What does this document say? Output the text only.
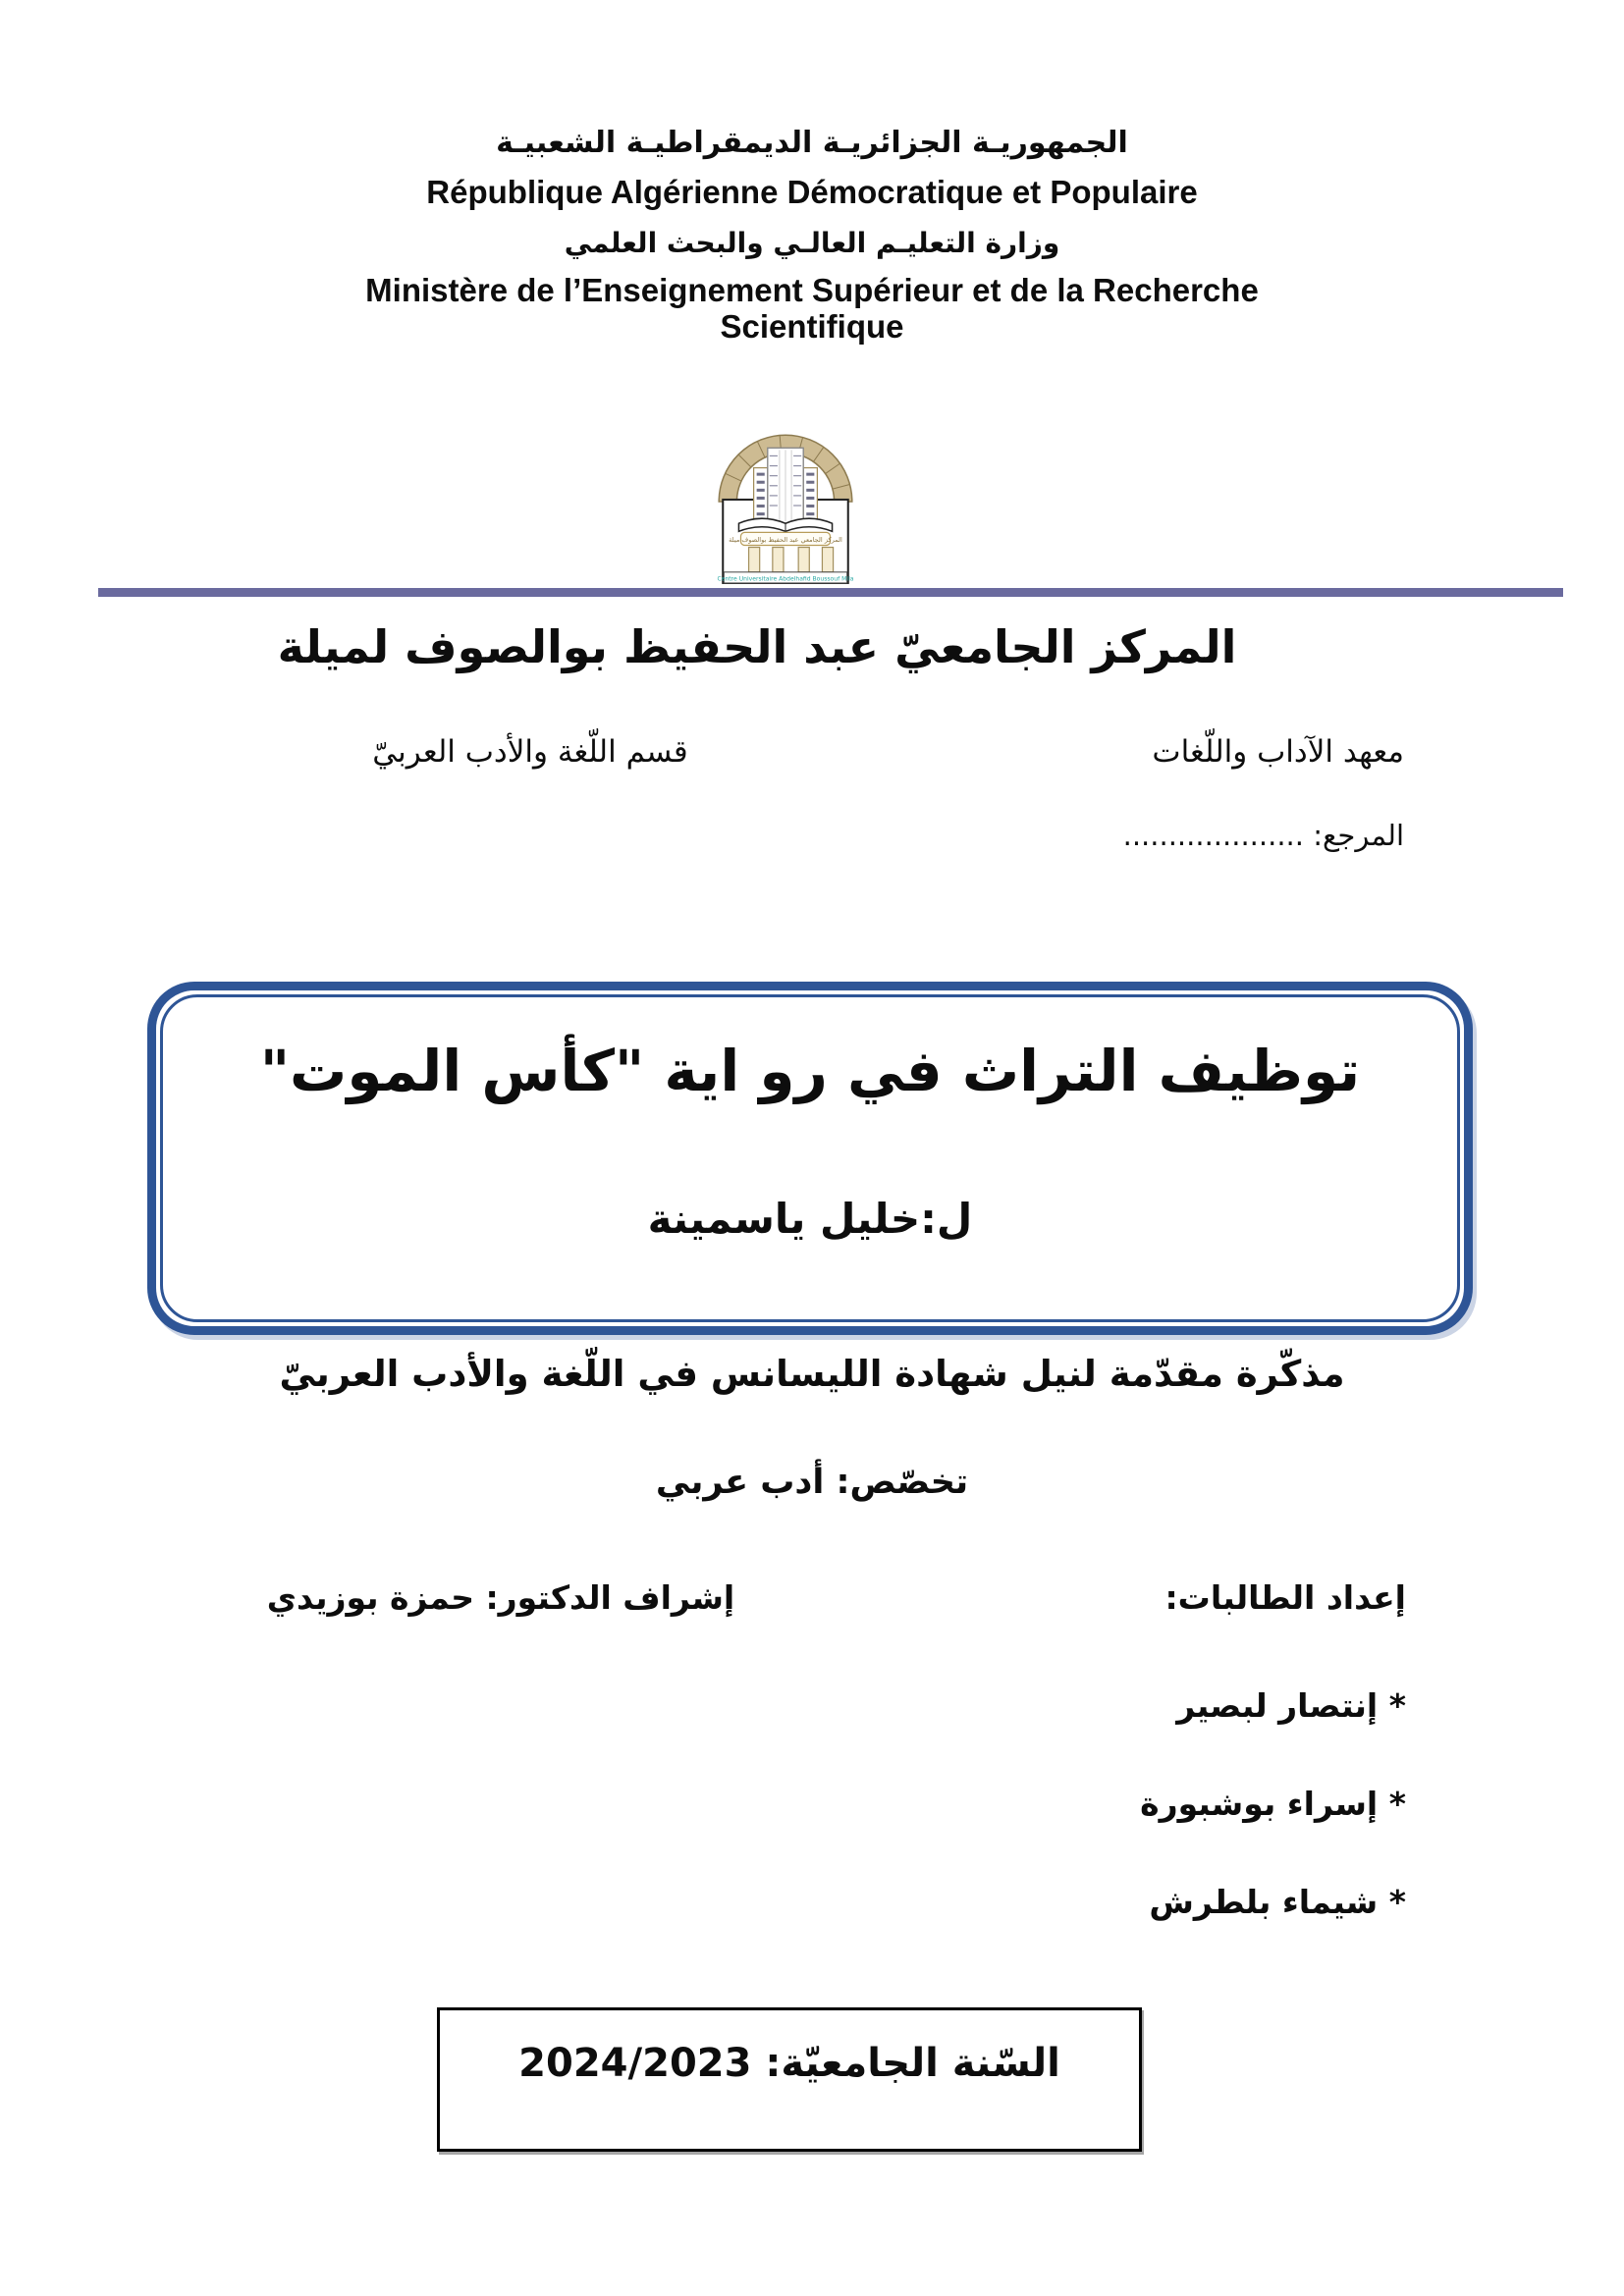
الجمهوريـة الجزائريـة الديمقراطيـة الشعبيـة
République Algérienne Démocratique et Populaire
وزارة التعليـم العالـي والبحث العلمي
Ministère de l’Enseignement Supérieur et de la Recherche Scientifique
المركز الجامعي عبد الحفيظ بوالصوف ميلة
Centre Universitaire Abdelhafid Boussouf Mila
المركز الجامعيّ عبد الحفيظ بوالصوف لميلة
معهد الآداب واللّغات
قسم اللّغة والأدب العربيّ
المرجع: ....................
توظيف التراث في رو اية "كأس الموت"
ل:خليل ياسمينة
مذكّرة مقدّمة لنيل شهادة الليسانس في اللّغة والأدب العربيّ
تخصّص: أدب عربي
إعداد الطالبات:
إشراف الدكتور: حمزة بوزيدي
* إنتصار لبصير
* إسراء بوشبورة
* شيماء بلطرش
السّنة الجامعيّة: 2024/2023
